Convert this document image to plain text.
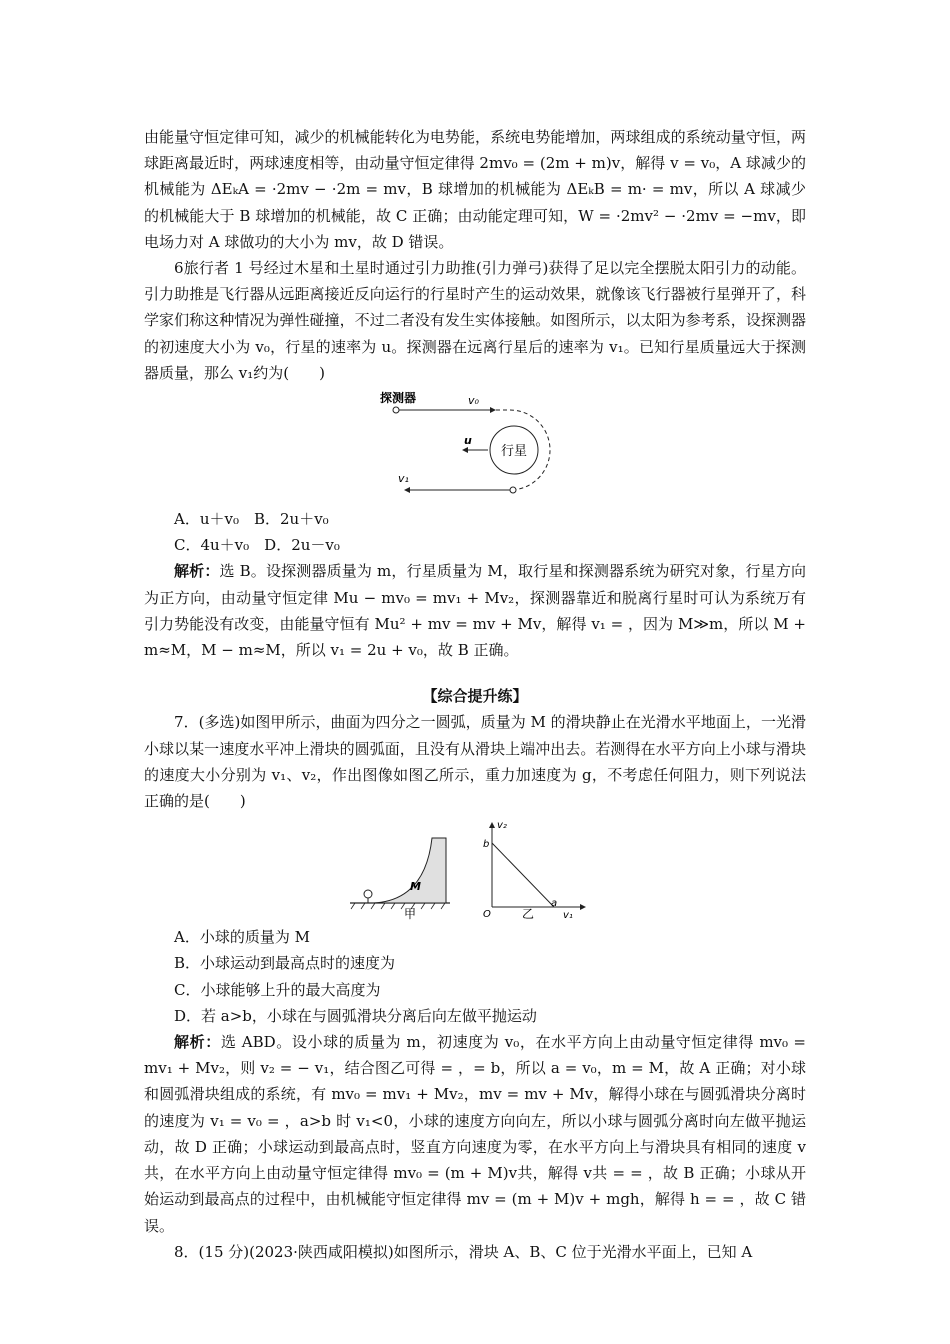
由能量守恒定律可知，减少的机械能转化为电势能，系统电势能增加，两球组成的系统动量守恒，两球距离最近时，两球速度相等，由动量守恒定律得 2mv₀ = (2m + m)v，解得 v = v₀，A 球减少的机械能为 ΔEₖA = ·2mv − ·2m = mv，B 球增加的机械能为 ΔEₖB = m· = mv，所以 A 球减少的机械能大于 B 球增加的机械能，故 C 正确；由动能定理可知，W = ·2mv² − ·2mv = −mv，即电场力对 A 球做功的大小为 mv，故 D 错误。

6旅行者 1 号经过木星和土星时通过引力助推(引力弹弓)获得了足以完全摆脱太阳引力的动能。引力助推是飞行器从远距离接近反向运行的行星时产生的运动效果，就像该飞行器被行星弹开了，科学家们称这种情况为弹性碰撞，不过二者没有发生实体接触。如图所示，以太阳为参考系，设探测器的初速度大小为 v₀，行星的速率为 u。探测器在远离行星后的速率为 v₁。已知行星质量远大于探测器质量，那么 v₁约为(　　)

探测器	v₀
行星
u
v₁

A．u＋v₀　B．2u＋v₀

C．4u＋v₀　D．2u－v₀

解析：选 B。设探测器质量为 m，行星质量为 M，取行星和探测器系统为研究对象，行星方向为正方向，由动量守恒定律 Mu − mv₀ = mv₁ + Mv₂，探测器靠近和脱离行星时可认为系统万有引力势能没有改变，由能量守恒有 Mu² + mv = mv + Mv，解得 v₁ = ，因为 M≫m，所以 M + m≈M，M − m≈M，所以 v₁ = 2u + v₀，故 B 正确。

【综合提升练】

7．(多选)如图甲所示，曲面为四分之一圆弧，质量为 M 的滑块静止在光滑水平地面上，一光滑小球以某一速度水平冲上滑块的圆弧面，且没有从滑块上端冲出去。若测得在水平方向上小球与滑块的速度大小分别为 v₁、v₂，作出图像如图乙所示，重力加速度为 g，不考虑任何阻力，则下列说法正确的是(　　)

M
甲
v₂
b
O
a
v₁
乙

A．小球的质量为 M

B．小球运动到最高点时的速度为

C．小球能够上升的最大高度为

D．若 a>b，小球在与圆弧滑块分离后向左做平抛运动

解析：选 ABD。设小球的质量为 m，初速度为 v₀，在水平方向上由动量守恒定律得 mv₀ = mv₁ + Mv₂，则 v₂ = − v₁，结合图乙可得 = ，= b，所以 a = v₀，m = M，故 A 正确；对小球和圆弧滑块组成的系统，有 mv₀ = mv₁ + Mv₂，mv = mv + Mv，解得小球在与圆弧滑块分离时的速度为 v₁ = v₀ = ，a>b 时 v₁<0，小球的速度方向向左，所以小球与圆弧分离时向左做平抛运动，故 D 正确；小球运动到最高点时，竖直方向速度为零，在水平方向上与滑块具有相同的速度 v共，在水平方向上由动量守恒定律得 mv₀ = (m + M)v共，解得 v共 = = ，故 B 正确；小球从开始运动到最高点的过程中，由机械能守恒定律得 mv = (m + M)v + mgh，解得 h = = ，故 C 错误。

8．(15 分)(2023·陕西咸阳模拟)如图所示，滑块 A、B、C 位于光滑水平面上，已知 A
